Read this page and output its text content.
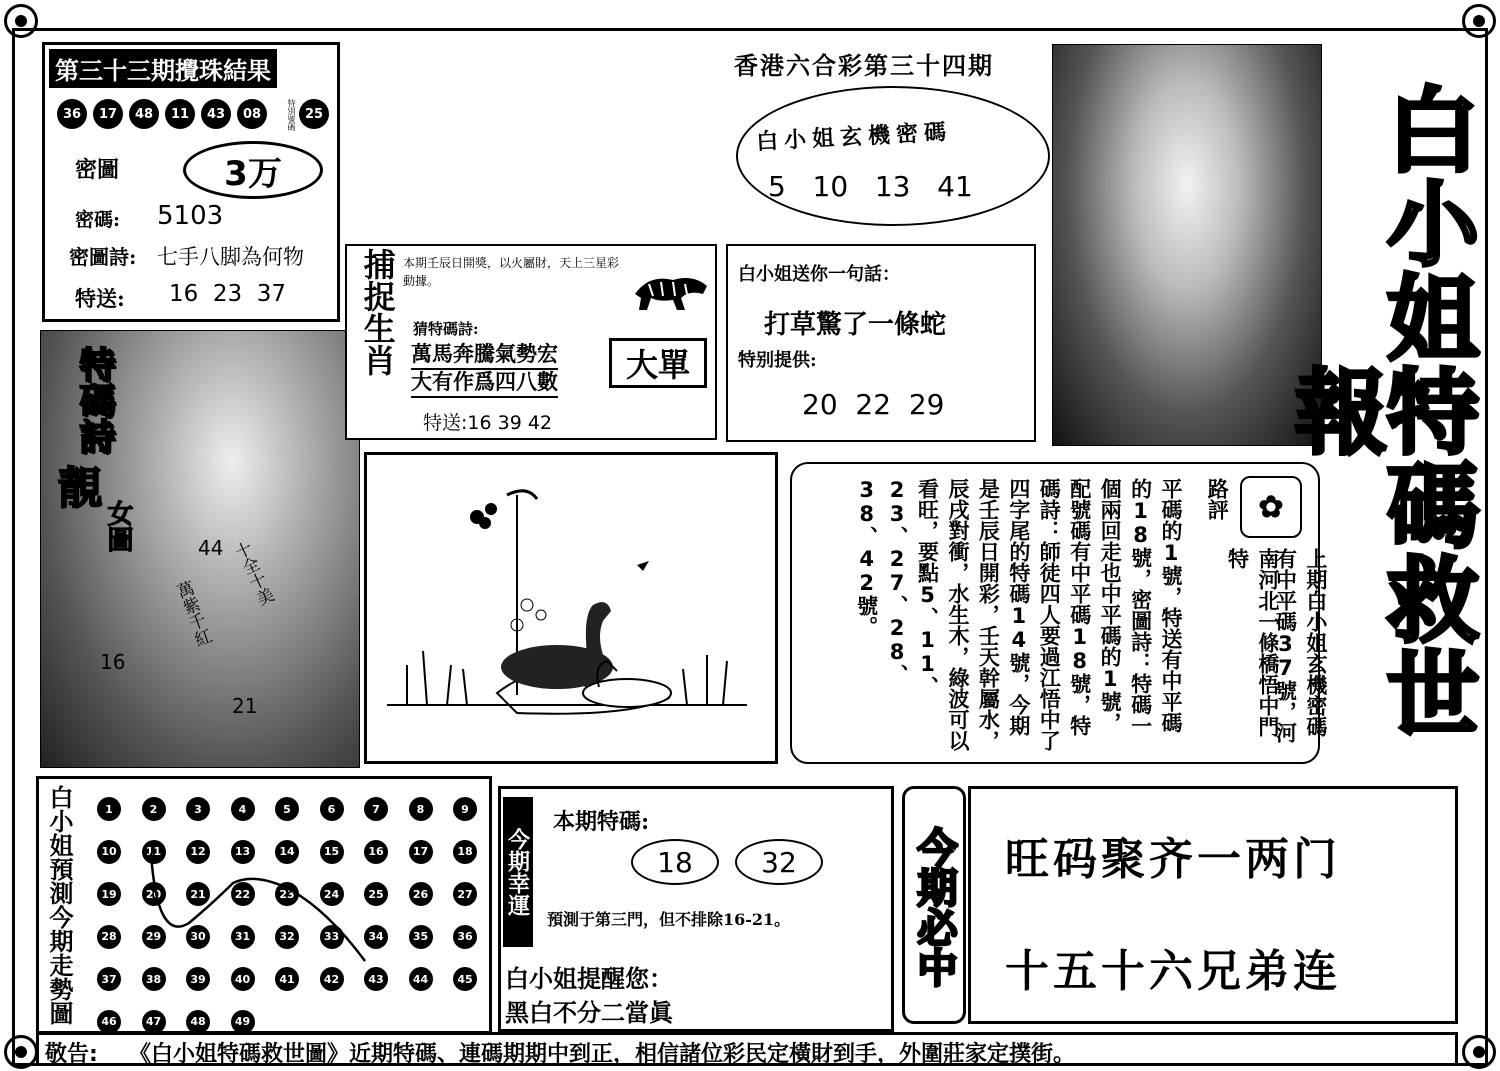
第三十三期攪珠結果
36	17	48	11	43	08	25
特別號碼
密圖	3万
密碼: 5103
密圖詩: 七手八脚為何物
特送: 16  23  37
特碼詩
靚
女圖	44
16
21
十全十美
萬紫千紅
捕捉生肖 本期壬辰日開獎，以火屬財，天上三星彩動據。
猜特碼詩:
萬馬奔騰氣勢宏
大有作爲四八數	大單
特送:16 39 42
香港六合彩第三十四期
白小姐玄機密碼
5   10   13   41
白小姐送你一句話：
打草驚了一條蛇
特别提供:
20  22  29	白小姐特碼救世報
✿
路評
平碼的1號，特送有中平碼的18號，密圖詩：特碼一個兩回走也中平碼的1號，配號碼有中平碼18號，特碼詩：師徒四人要過江悟中了四字尾的特碼14號，今期是壬辰日開彩，壬天幹屬水，辰戌對衝，水生木，綠波可以看旺，要點5、11、23、27、28、38、42號。	上期白小姐玄機密碼有中平碼37號，河
南河北一條橋悟中門特
白小姐預測今期走勢圖	1	2	3	4	5	6	7	8	9
10	11	12	13	14	15	16	17	18
19	20	21	22	23	24	25	26	27
28	29	30	31	32	33	34	35	36
37	38	39	40	41	42	43	44	45
46	47	48	49
今期幸運
本期特碼:
18	32
預測于第三門，但不排除16-21。
白小姐提醒您：
黑白不分二當眞
今期必中 旺码聚齐一两门
十五十六兄弟连
敬告: 《白小姐特碼救世圖》近期特碼、連碼期期中到正，相信諸位彩民定橫財到手，外圍莊家定撲街。
